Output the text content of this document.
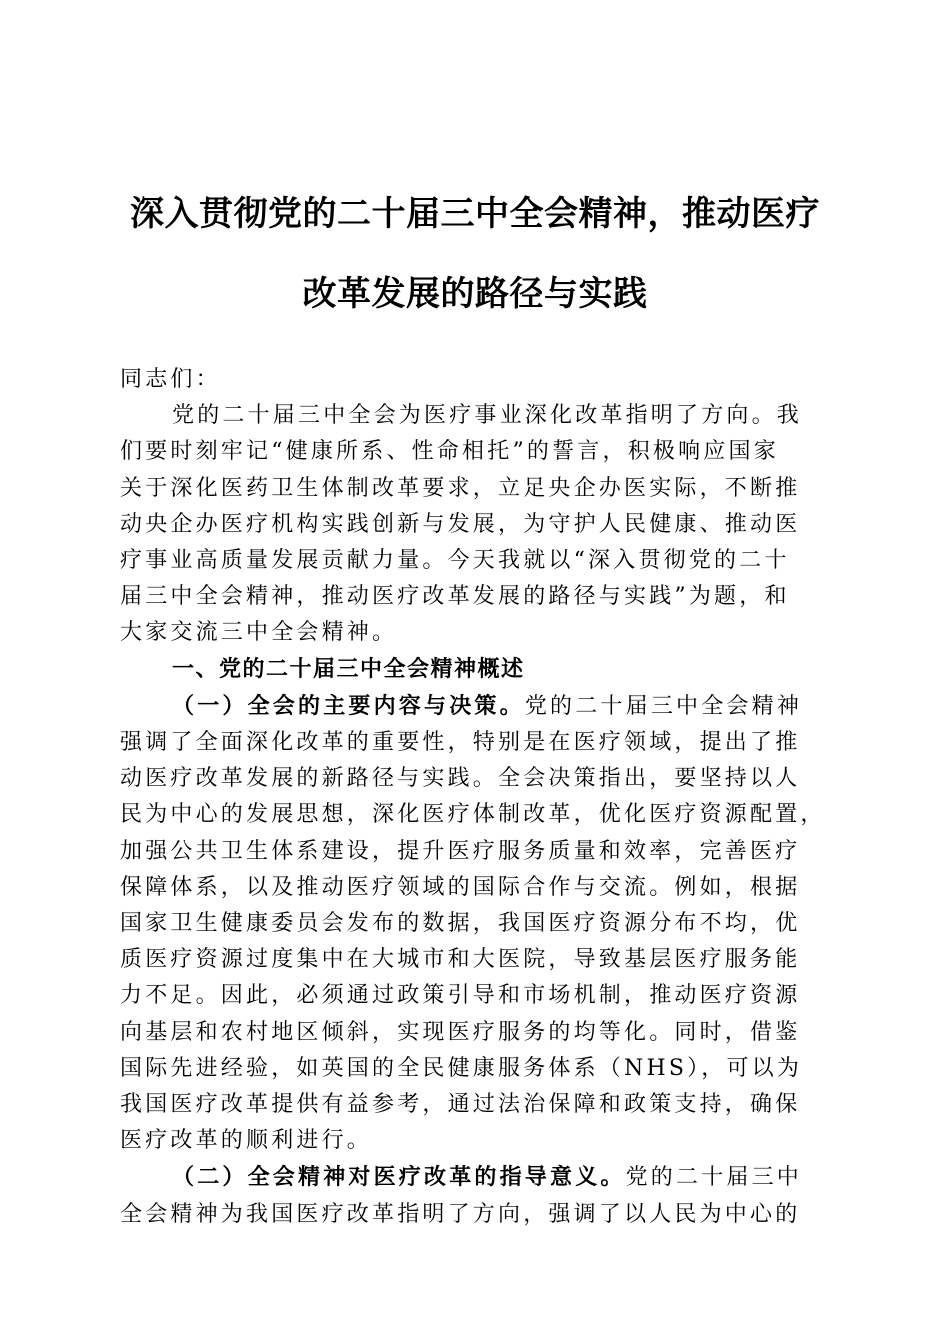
深入贯彻党的二十届三中全会精神，推动医疗
改革发展的路径与实践
同志们：
党的二十届三中全会为医疗事业深化改革指明了方向。我
们要时刻牢记“健康所系、性命相托”的誓言，积极响应国家
关于深化医药卫生体制改革要求，立足央企办医实际，不断推
动央企办医疗机构实践创新与发展，为守护人民健康、推动医
疗事业高质量发展贡献力量。今天我就以“深入贯彻党的二十
届三中全会精神，推动医疗改革发展的路径与实践”为题，和
大家交流三中全会精神。
一、党的二十届三中全会精神概述
（一）全会的主要内容与决策。党的二十届三中全会精神
强调了全面深化改革的重要性，特别是在医疗领域，提出了推
动医疗改革发展的新路径与实践。全会决策指出，要坚持以人
民为中心的发展思想，深化医疗体制改革，优化医疗资源配置，
加强公共卫生体系建设，提升医疗服务质量和效率，完善医疗
保障体系，以及推动医疗领域的国际合作与交流。例如，根据
国家卫生健康委员会发布的数据，我国医疗资源分布不均，优
质医疗资源过度集中在大城市和大医院，导致基层医疗服务能
力不足。因此，必须通过政策引导和市场机制，推动医疗资源
向基层和农村地区倾斜，实现医疗服务的均等化。同时，借鉴
国际先进经验，如英国的全民健康服务体系（NHS），可以为
我国医疗改革提供有益参考，通过法治保障和政策支持，确保
医疗改革的顺利进行。
（二）全会精神对医疗改革的指导意义。党的二十届三中
全会精神为我国医疗改革指明了方向，强调了以人民为中心的
